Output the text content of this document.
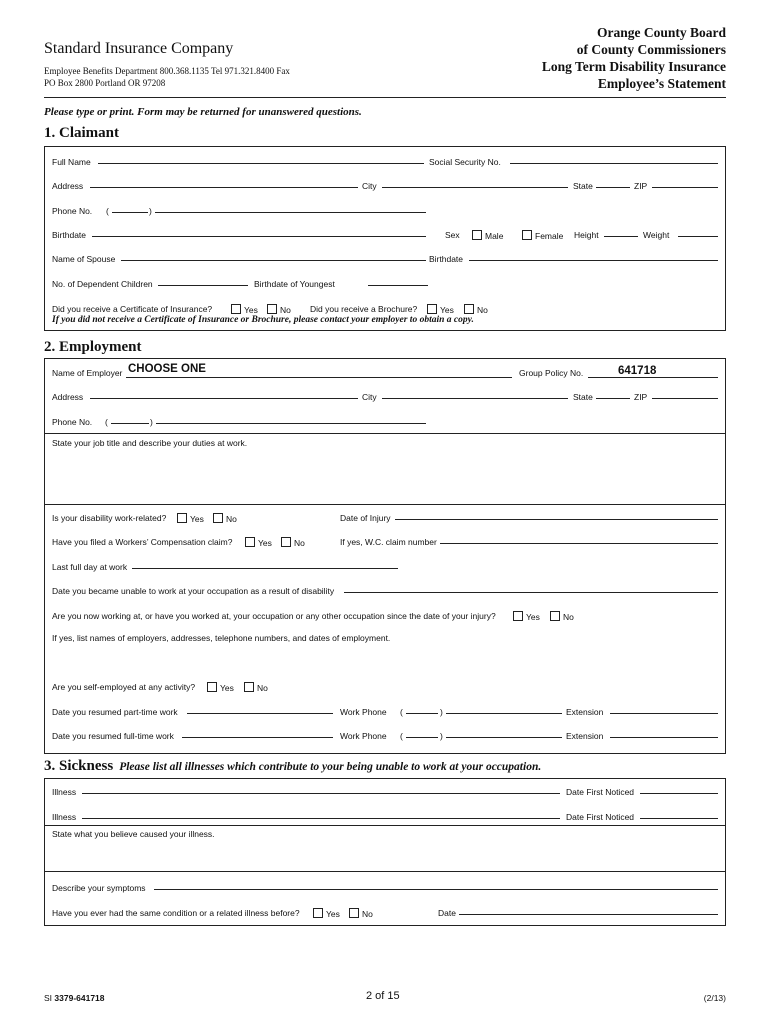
Standard Insurance Company
Employee Benefits Department 800.368.1135 Tel 971.321.8400 Fax
PO Box 2800 Portland OR 97208
Orange County Board
of County Commissioners
Long Term Disability Insurance
Employee’s Statement
Please type or print. Form may be returned for unanswered questions.
1. Claimant
Full Name	Social Security No.
Address	City	State	ZIP
Phone No. (	)
Birthdate	Sex	Male	Female Height	Weight
Name of Spouse	Birthdate
No. of Dependent Children	Birthdate of Youngest
Did you receive a Certificate of Insurance?	Yes	No Did you receive a Brochure?	Yes	No
If you did not receive a Certificate of Insurance or Brochure, please contact your employer to obtain a copy.
2. Employment
Name of Employer CHOOSE ONE	Group Policy No.	641718
Address	City	State	ZIP
Phone No. (	)
State your job title and describe your duties at work.
Is your disability work-related?	Yes	No	Date of Injury
Have you filed a Workers’ Compensation claim?	Yes	No	If yes, W.C. claim number
Last full day at work
Date you became unable to work at your occupation as a result of disability
Are you now working at, or have you worked at, your occupation or any other occupation since the date of your injury?	Yes	No
If yes, list names of employers, addresses, telephone numbers, and dates of employment.
Are you self-employed at any activity?	Yes	No
Date you resumed part-time work	Work Phone (	)	Extension
Date you resumed full-time work	Work Phone (	)	Extension
3. Sickness Please list all illnesses which contribute to your being unable to work at your occupation.
Illness	Date First Noticed
Illness	Date First Noticed
State what you believe caused your illness.
Describe your symptoms
Have you ever had the same condition or a related illness before?	Yes	No	Date
SI 3379-641718	2 of 15	(2/13)
